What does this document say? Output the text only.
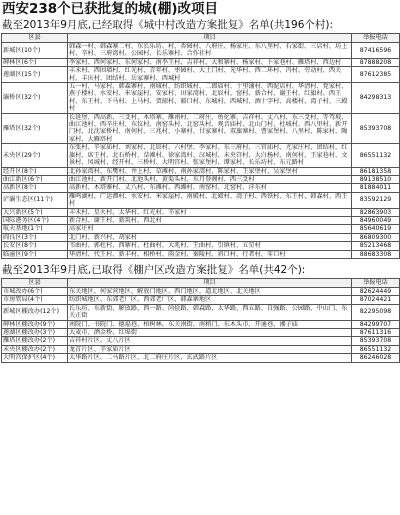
西安238个已获批复的城(棚)改项目
截至2013年9月底,已经取得《城中村改造方案批复》名单(共196个村):
区县	项目	举报电话
新城区(10个)	韩森一村、韩森寨二村、东长乐坊、村、杏园村、八府庄、杨家庄、东八里村、石家街、三店村、坊上村、辛村、三府湾村、公园村、长乐寨村、合作社村	87416596
碑林区(6个)	李家村、西何家村、东何家村、南李王村、吉祥村、大和寨村、杨家村、卜家巷村、雁塔村、西边村	87888208
莲湖区(15个)	丰禾村、西围墙村、红光村、青年村、枣园村、大土门村、光华村、西二环村、冯村、劳动村、西关村、丰庆村、团结村、岳家寨村、西城村	87612385
灞桥区(32个)	五一村、马家村、韩森寨村、南城村、纺织城村、二郎庙村、十里铺村、西泥店村、华清村、党家村、燕子楼村、水安村、米家崖村、安家村、田家湾村、北辰村、窑村、新合村、谢王村、红旗村、西王村、东王村、下马村、上马村、贺韶村、豁口村、东城村、西城村、酒十字村、高楼村、湾子村、三殿村	84298313
雁塔区(32个)	长延堡、西高新、三爻村、木塔寨、雁南村、二府庄、鱼化寨、吉祥村、丈八村、东三爻村、等驾坡、曲江池村、西辛庄村、东仪村、南窑头村、北窑头村、观音庙村、北山门村、杜城村、西八里村、新开门村、北沈家桥村、南何村、三兆村、小寨村、甘家寨村、双旗寨村、曹家堡村、八里村、陈家村、陶家村、大雁塔村	85393708
未央区(29个)	东张村、辛家庙村、刘家村、北辰村、六村堡、李家村、东三府村、三官庙村、尤家庄村、团结村、红旗村、席王村、北石桥村、草滩村、徐家湾村、汉城村、未央宫村、大白杨村、南何村、王家巷村、文景村、凤城村、经开村、三桥村、大明宫村、张家堡村、谭家村、长乐坊村、东元路村	86551132
经开区(8个)	北孙家湾村、东樊村、井上村、草滩村、南孙家湾村、陈家村、王家堡村、吴家堡村	86181358
曲江新区(6个)	曲江池村、新开门村、北池头村、黄渠头村、东月登阁村、西三爻村	89138510
高新区(8个)	高新村、木塔寨村、丈八村、东滩村、西滩村、南窑村、北窑村、沣东村	81884011
浐灞生态区(11个)	雁鸣湖村、广运潭村、水安村、米家崖村、南殿村、北殿村、湾子村、西铁村、东王村、韩森村、西王村	83592129
大兴新区(5个)	丰禾村、星火村、太华村、红光村、辛家村	82863903
国际港务区(4个)	新合村、谢王村、新筑村、西北村	84960049
航天基地(1个)	高家庄村	85640619
阎良区(3个)	北门村、新兴村、胡家村	86809300
长安区(8个)	韦曲村、郭杜村、西寨村、杜曲村、大兆村、王曲村、引镇村、五星村	85213468
临潼区(9个)	华清村、代王村、新丰村、相桥村、雨金村、秦陵村、斜口村、行者村、零口村	88683308
截至2013年9月底,已取得《棚户区改造方案批复》名单(共42个):
区县	项目	举报电话
市城改办(6个)	东关地区、何家营地区、解放门地区、西门地区、道北地区、北关地区	82624449
市房管局(4个)	纺织城地区、东郊老厂区、西郊老厂区、韩森寨地区	87024421
新城区棚改办(12个)	长乐坊、东新街、解放路、西一路、尚俭路、韩森路、太华路、西五路、自强路、公园路、中山门、东关正街	82295098
碑林区棚改办(9个)	南院门、书院门、德福巷、柏树林、东关南街、南稍门、东木头市、开通巷、湘子庙	84299707
莲湖区棚改办(3个)	大麦市、洒金桥、红埠街	87611316
雁塔区棚改办(2个)	吉祥村片区、丈八片区	85393708
未央区棚改办(2个)	龙首片区、辛家庙片区	86551132
大明宫保护区(4个)	太华路片区、二马路片区、北二府庄片区、玄武路片区	86246028
